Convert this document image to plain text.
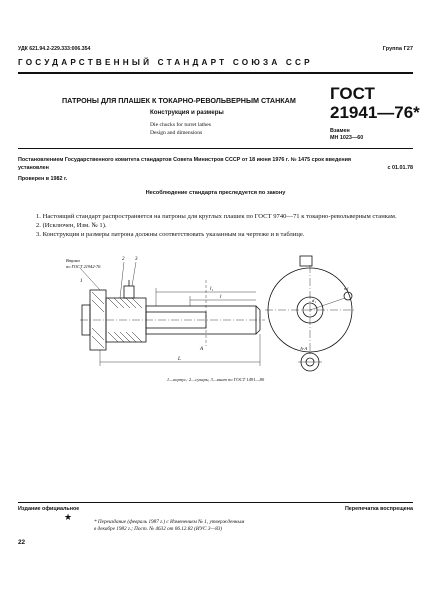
УДК 621.94.2-229.333:006.354	Группа Г27
ГОСУДАРСТВЕННЫЙ СТАНДАРТ СОЮЗА ССР
ПАТРОНЫ ДЛЯ ПЛАШЕК К ТОКАРНО-РЕВОЛЬВЕРНЫМ СТАНКАМ
Конструкция и размеры
Die chucks for turret lathes
Design and dimensions
ГОСТ
21941—76*
Взамен
МН 1023—60
Постановлением Государственного комитета стандартов Совета Министров СССР от 18 июня 1976 г. № 1475 срок введения
установлен	с 01.01.78
Проверен в 1982 г.
Несоблюдение стандарта преследуется по закону

1. Настоящий стандарт распространяется на патроны для круглых плашек по ГОСТ 9740—71 к токарно-револьверным станкам.

2. (Исключен, Изм. № 1).

3. Конструкция и размеры патрона должны соответствовать указанным на чертеже и в таблице.

Втулка
по ГОСТ 21942-76
2 3
1
l₁
l
A
L
d₁
n·f
А-А
1—корпус; 2—сухарь; 3—винт по ГОСТ 1491—80
Издание официальное
★
Перепечатка воспрещена
* Переиздание (февраль 1987 г.) с Изменением № 1, утвержденным
в декабре 1982 г.; Пост. № 4632 от 06.12.82 (ИУС 3—83)
22
